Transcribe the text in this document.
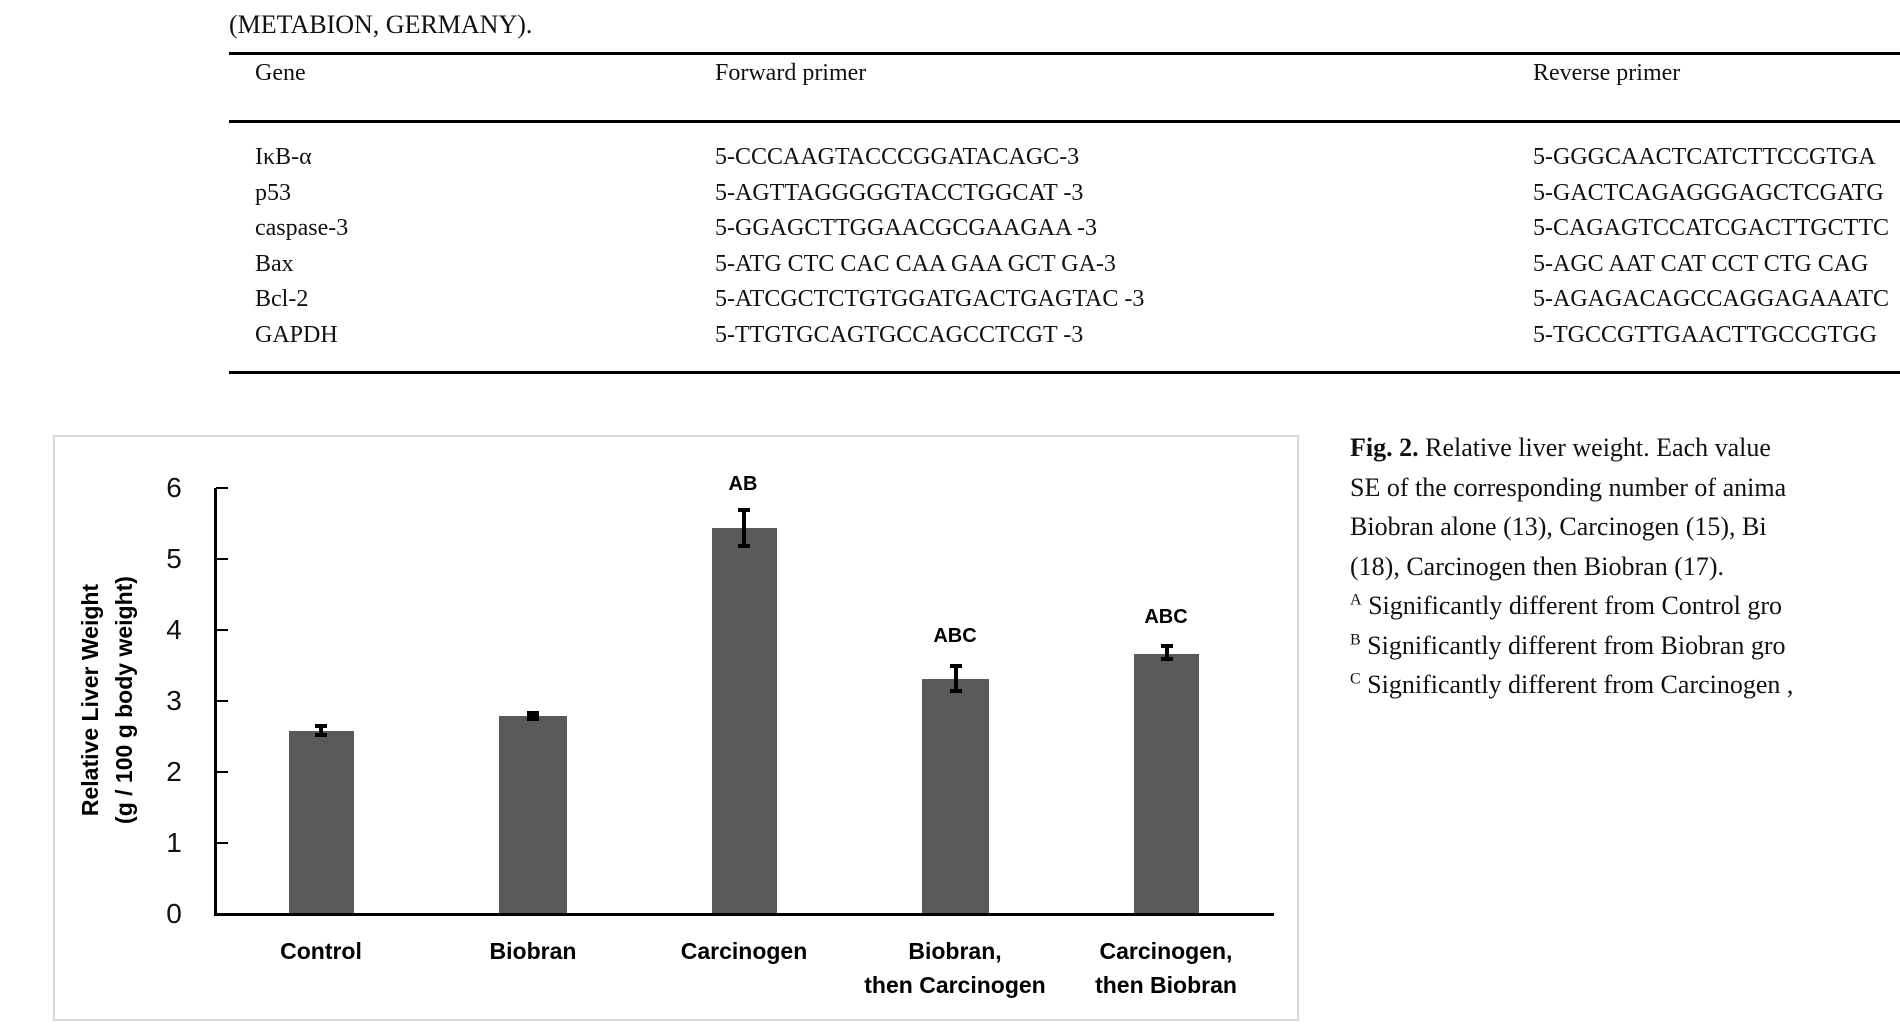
(METABION, GERMANY).
Gene	Forward primer	Reverse primer
IκB-α	5-CCCAAGTACCCGGATACAGC-3	5-GGGCAACTCATCTTCCGTGA
p53	5-AGTTAGGGGGTACCTGGCAT -3	5-GACTCAGAGGGAGCTCGATG
caspase-3	5-GGAGCTTGGAACGCGAAGAA -3	5-CAGAGTCCATCGACTTGCTTC
Bax	5-ATG CTC CAC CAA GAA GCT GA-3	5-AGC AAT CAT CCT CTG CAG
Bcl-2	5-ATCGCTCTGTGGATGACTGAGTAC -3	5-AGAGACAGCCAGGAGAAATC
GAPDH	5-TTGTGCAGTGCCAGCCTCGT -3	5-TGCCGTTGAACTTGCCGTGG
Relative Liver Weight (g / 100 g body weight)
0
1
2
3
4
5
6	AB
ABC
ABC
Control	Biobran	Carcinogen	Biobran,
then Carcinogen
Carcinogen,
then Biobran
Fig. 2. Relative liver weight. Each value
SE of the corresponding number of anima
Biobran alone (13), Carcinogen (15), Bi
(18), Carcinogen then Biobran (17).
$^A$ Significantly different from Control gro
$^B$ Significantly different from Biobran gro
$^C$ Significantly different from Carcinogen ,
